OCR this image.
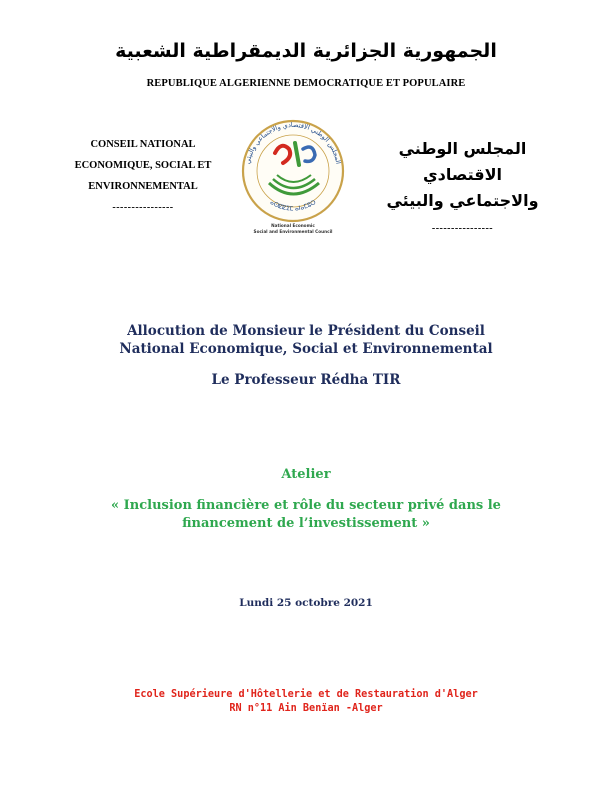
الجمهورية الجزائرية الديمقراطية الشعبية
REPUBLIQUE ALGERIENNE DEMOCRATIQUE ET POPULAIRE
CONSEIL NATIONAL
ECONOMIQUE, SOCIAL ET
ENVIRONNEMENTAL
----------------
المجلس الوطني الاقتصادي والاجتماعي والبيئي
ⴰⵙⵇⵇⵉⵎ ⴰⵏⴰⵎⵓⵔ
National Economic
Social and Environmental Council
المجلس الوطني الاقتصادي
والاجتماعي والبيئي
----------------
Allocution de Monsieur le Président du Conseil
National Economique, Social et Environnemental
Le Professeur Rédha TIR
Atelier
« Inclusion financière et rôle du secteur privé dans le
financement de l’investissement »
Lundi 25 octobre 2021
Ecole Supérieure d'Hôtellerie et de Restauration d'Alger
RN n°11 Ain Benïan -Alger
